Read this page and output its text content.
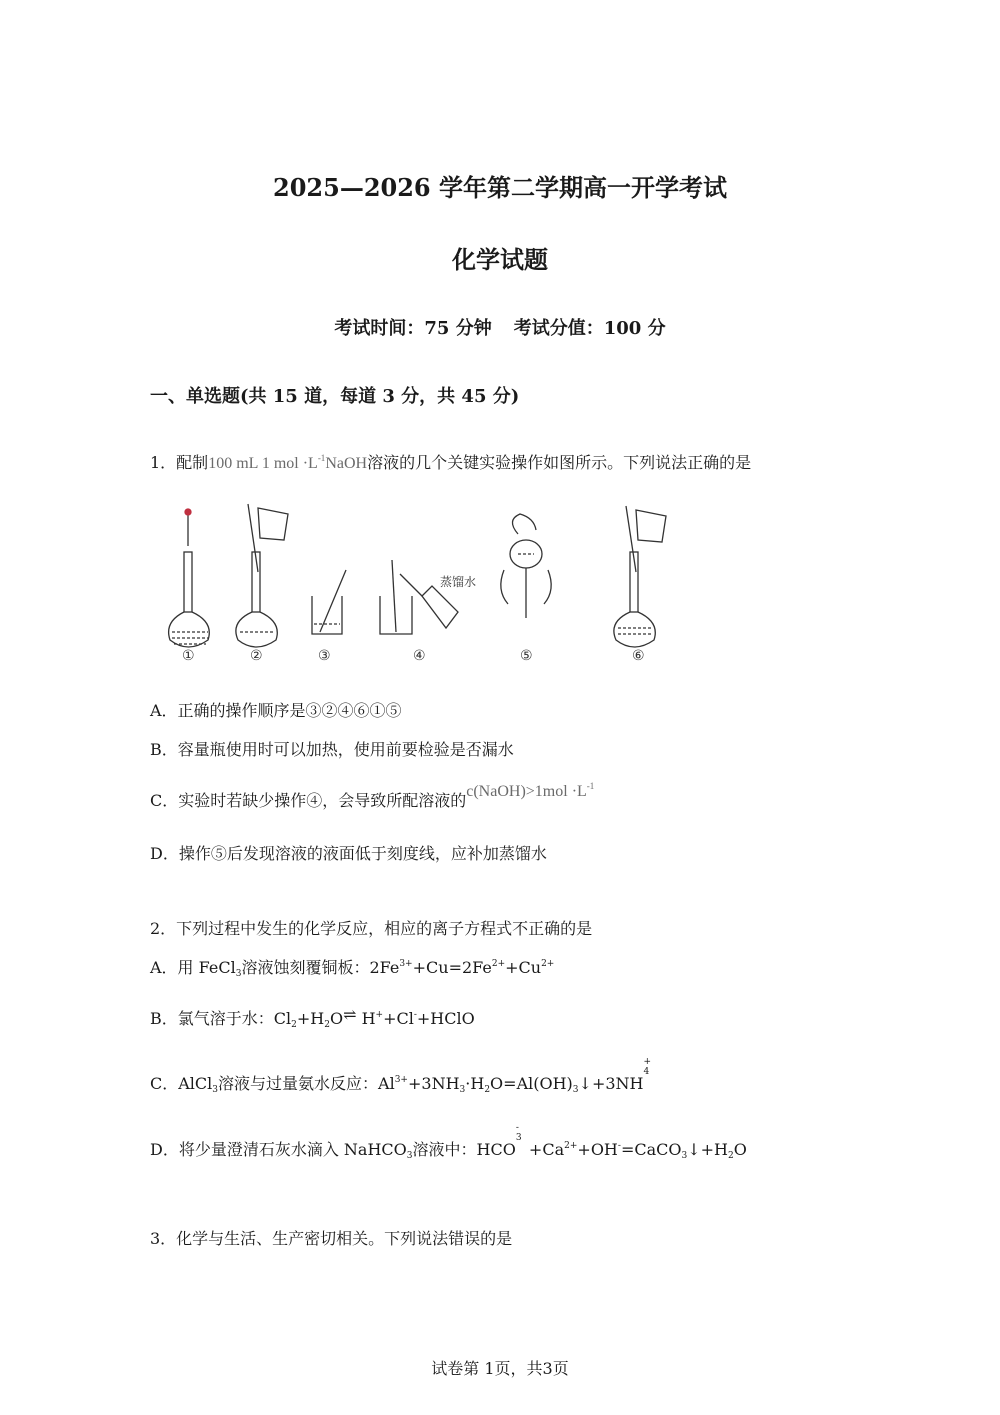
2025—2026 学年第二学期高一开学考试
化学试题
考试时间：75 分钟 考试分值：100 分
一、单选题(共 15 道，每道 3 分，共 45 分)
1．配制100 mL 1 mol $\cdot L^{-1}NaOH$溶液的几个关键实验操作如图所示。下列说法正确的是
蒸馏水
①	②	③	④	⑤	⑥
A．正确的操作顺序是③②④⑥①⑤
B．容量瓶使用时可以加热，使用前要检验是否漏水
C．实验时若缺少操作④，会导致所配溶液的c(NaOH)>1mol $\cdot L^{-1}$
D．操作⑤后发现溶液的液面低于刻度线，应补加蒸馏水
2．下列过程中发生的化学反应，相应的离子方程式不正确的是
A．用 FeCl$_3$溶液蚀刻覆铜板：$2Fe^{3+}+Cu=2Fe^{2+}+Cu^{2+}$
B．氯气溶于水：$Cl_2+H_2O\rightleftharpoons$ H++Cl-+HClO
C．AlCl$_3$溶液与过量氨水反应：$Al^{3+}+3NH_3\cdot H_2O=Al(OH)_3↓+3NH$
+
4
D．将少量澄清石灰水滴入 NaHCO$_3$溶液中：HCO
-
3
$+Ca^{2+}+OH^-=CaCO_3↓+H_2O$
3．化学与生活、生产密切相关。下列说法错误的是
试卷第 1页，共3页
